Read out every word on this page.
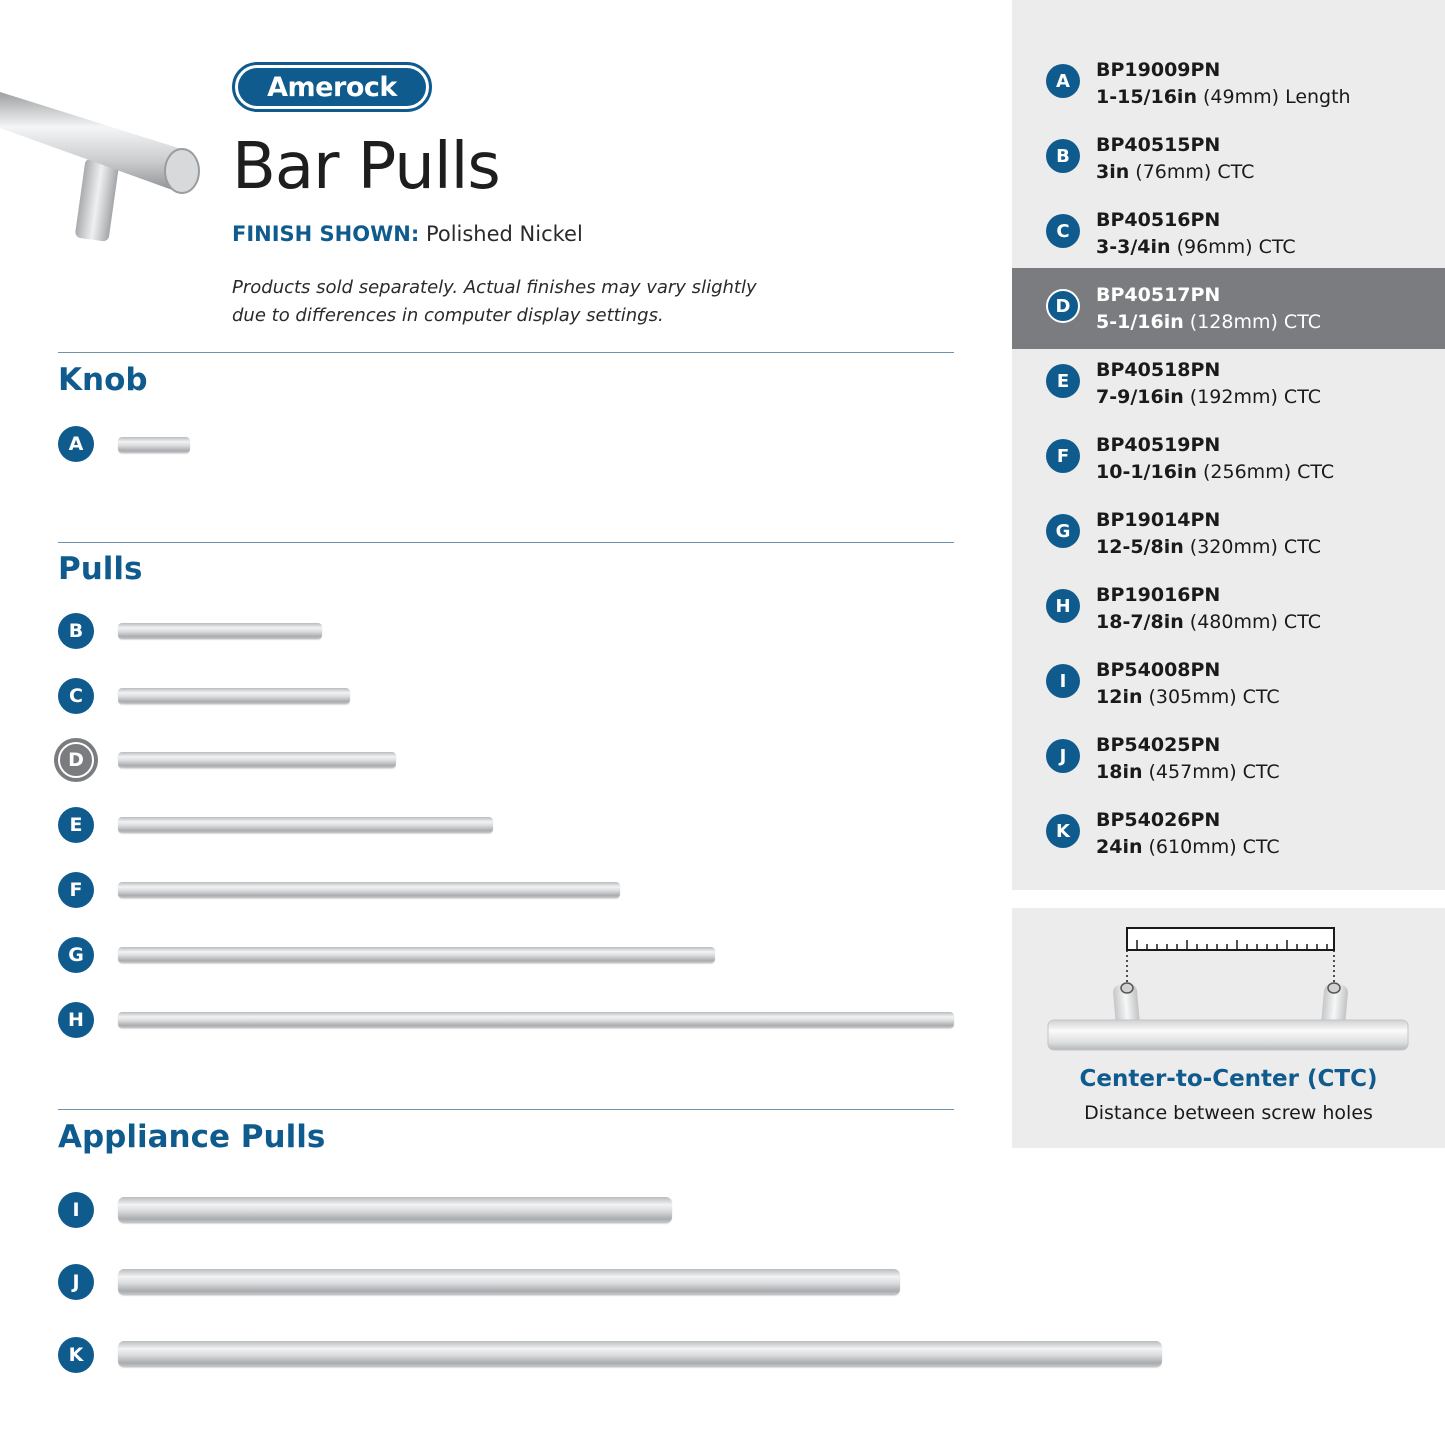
Amerock
Bar Pulls
FINISH SHOWN: Polished Nickel
Products sold separately. Actual finishes may vary slightly
due to differences in computer display settings.
Knob
A
Pulls
B
C
D
E
F
G
H
Appliance Pulls
I
J
K
A	BP19009PN
1-15/16in (49mm) Length
B	BP40515PN
3in (76mm) CTC
C	BP40516PN
3-3/4in (96mm) CTC
D	BP40517PN
5-1/16in (128mm) CTC
E	BP40518PN
7-9/16in (192mm) CTC
F	BP40519PN
10-1/16in (256mm) CTC
G	BP19014PN
12-5/8in (320mm) CTC
H	BP19016PN
18-7/8in (480mm) CTC
I	BP54008PN
12in (305mm) CTC
J	BP54025PN
18in (457mm) CTC
K	BP54026PN
24in (610mm) CTC
Center-to-Center (CTC)
Distance between screw holes
